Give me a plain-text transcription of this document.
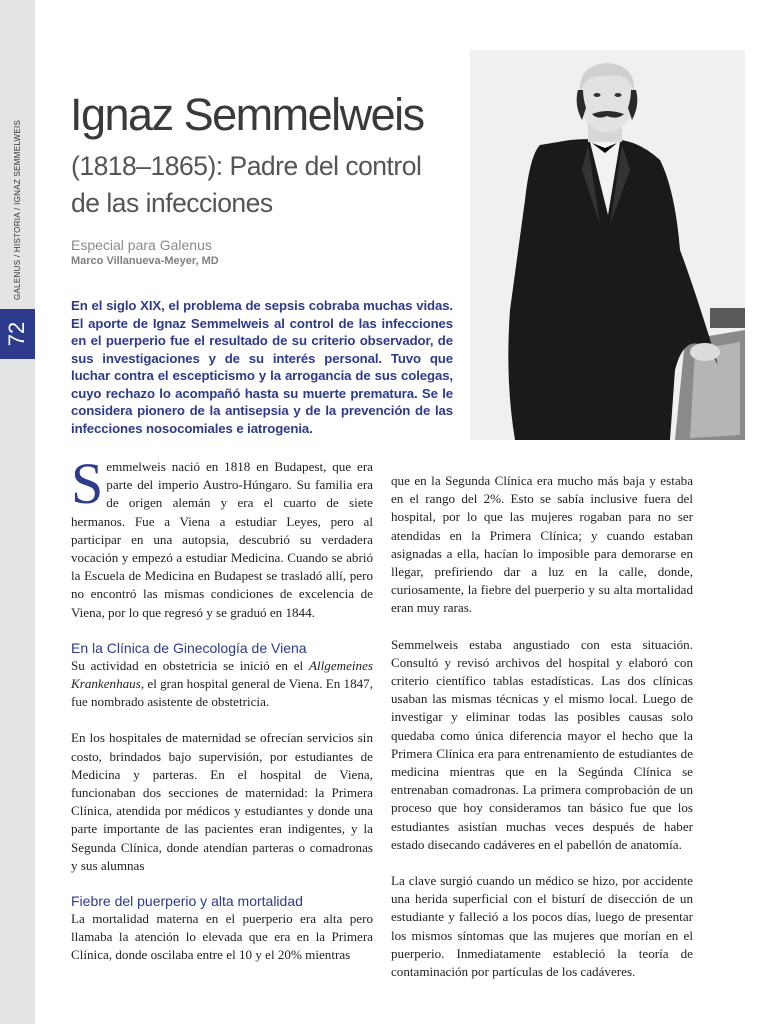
72
GALENUS / HISTORIA / IGNAZ SEMMELWEIS
Ignaz Semmelweis
(1818–1865): Padre del control de las infecciones
Especial para Galenus
Marco Villanueva-Meyer, MD

En el siglo XIX, el problema de sepsis cobraba muchas vidas. El aporte de Ignaz Semmelweis al control de las infecciones en el puerperio fue el resultado de su criterio observador, de sus investigaciones y de su interés personal. Tuvo que luchar contra el escepticismo y la arrogancia de sus colegas, cuyo rechazo lo acompañó hasta su muerte prematura. Se le considera pionero de la antisepsia y de la prevención de las infecciones nosocomiales e iatrogenia.

Semmelweis nació en 1818 en Budapest, que era parte del imperio Austro-Húngaro. Su familia era de origen alemán y era el cuarto de siete hermanos. Fue a Viena a estudiar Leyes, pero al participar en una autopsia, descubrió su verdadera vocación y empezó a estudiar Medicina. Cuando se abrió la Escuela de Medicina en Budapest se trasladó allí, pero no encontró las mismas condiciones de excelencia de Viena, por lo que regresó y se graduó en 1844.

En la Clínica de Ginecología de Viena

Su actividad en obstetricia se inició en el Allgemeines Krankenhaus, el gran hospital general de Viena. En 1847, fue nombrado asistente de obstetricia.

En los hospitales de maternidad se ofrecían servicios sin costo, brindados bajo supervisión, por estudiantes de Medicina y parteras. En el hospital de Viena, funcionaban dos secciones de maternidad: la Primera Clínica, atendida por médicos y estudiantes y donde una parte importante de las pacientes eran indigentes, y la Segunda Clínica, donde atendían parteras o comadronas y sus alumnas

Fiebre del puerperio y alta mortalidad

La mortalidad materna en el puerperio era alta pero llamaba la atención lo elevada que era en la Primera Clínica, donde oscilaba entre el 10 y el 20% mientras

que en la Segunda Clínica era mucho más baja y estaba en el rango del 2%. Esto se sabía inclusive fuera del hospital, por lo que las mujeres rogaban para no ser atendidas en la Primera Clínica; y cuando estaban asignadas a ella, hacían lo imposible para demorarse en llegar, prefiriendo dar a luz en la calle, donde, curiosamente, la fiebre del puerperio y su alta mortalidad eran muy raras.

Semmelweis estaba angustiado con esta situación. Consultó y revisó archivos del hospital y elaboró con criterio científico tablas estadísticas. Las dos clínicas usaban las mismas técnicas y el mismo local. Luego de investigar y eliminar todas las posibles causas solo quedaba como única diferencia mayor el hecho que la Primera Clínica era para entrenamiento de estudiantes de medicina mientras que en la Segúnda Clínica se entrenaban comadronas. La primera comprobación de un proceso que hoy consideramos tan básico fue que los estudiantes asistían muchas veces después de haber estado disecando cadáveres en el pabellón de anatomía.

La clave surgió cuando un médico se hizo, por accidente una herida superficial con el bisturí de disección de un estudiante y falleció a los pocos días, luego de presentar los mismos síntomas que las mujeres que morían en el puerperio. Inmediatamente estableció la teoría de contaminación por partículas de los cadáveres.
